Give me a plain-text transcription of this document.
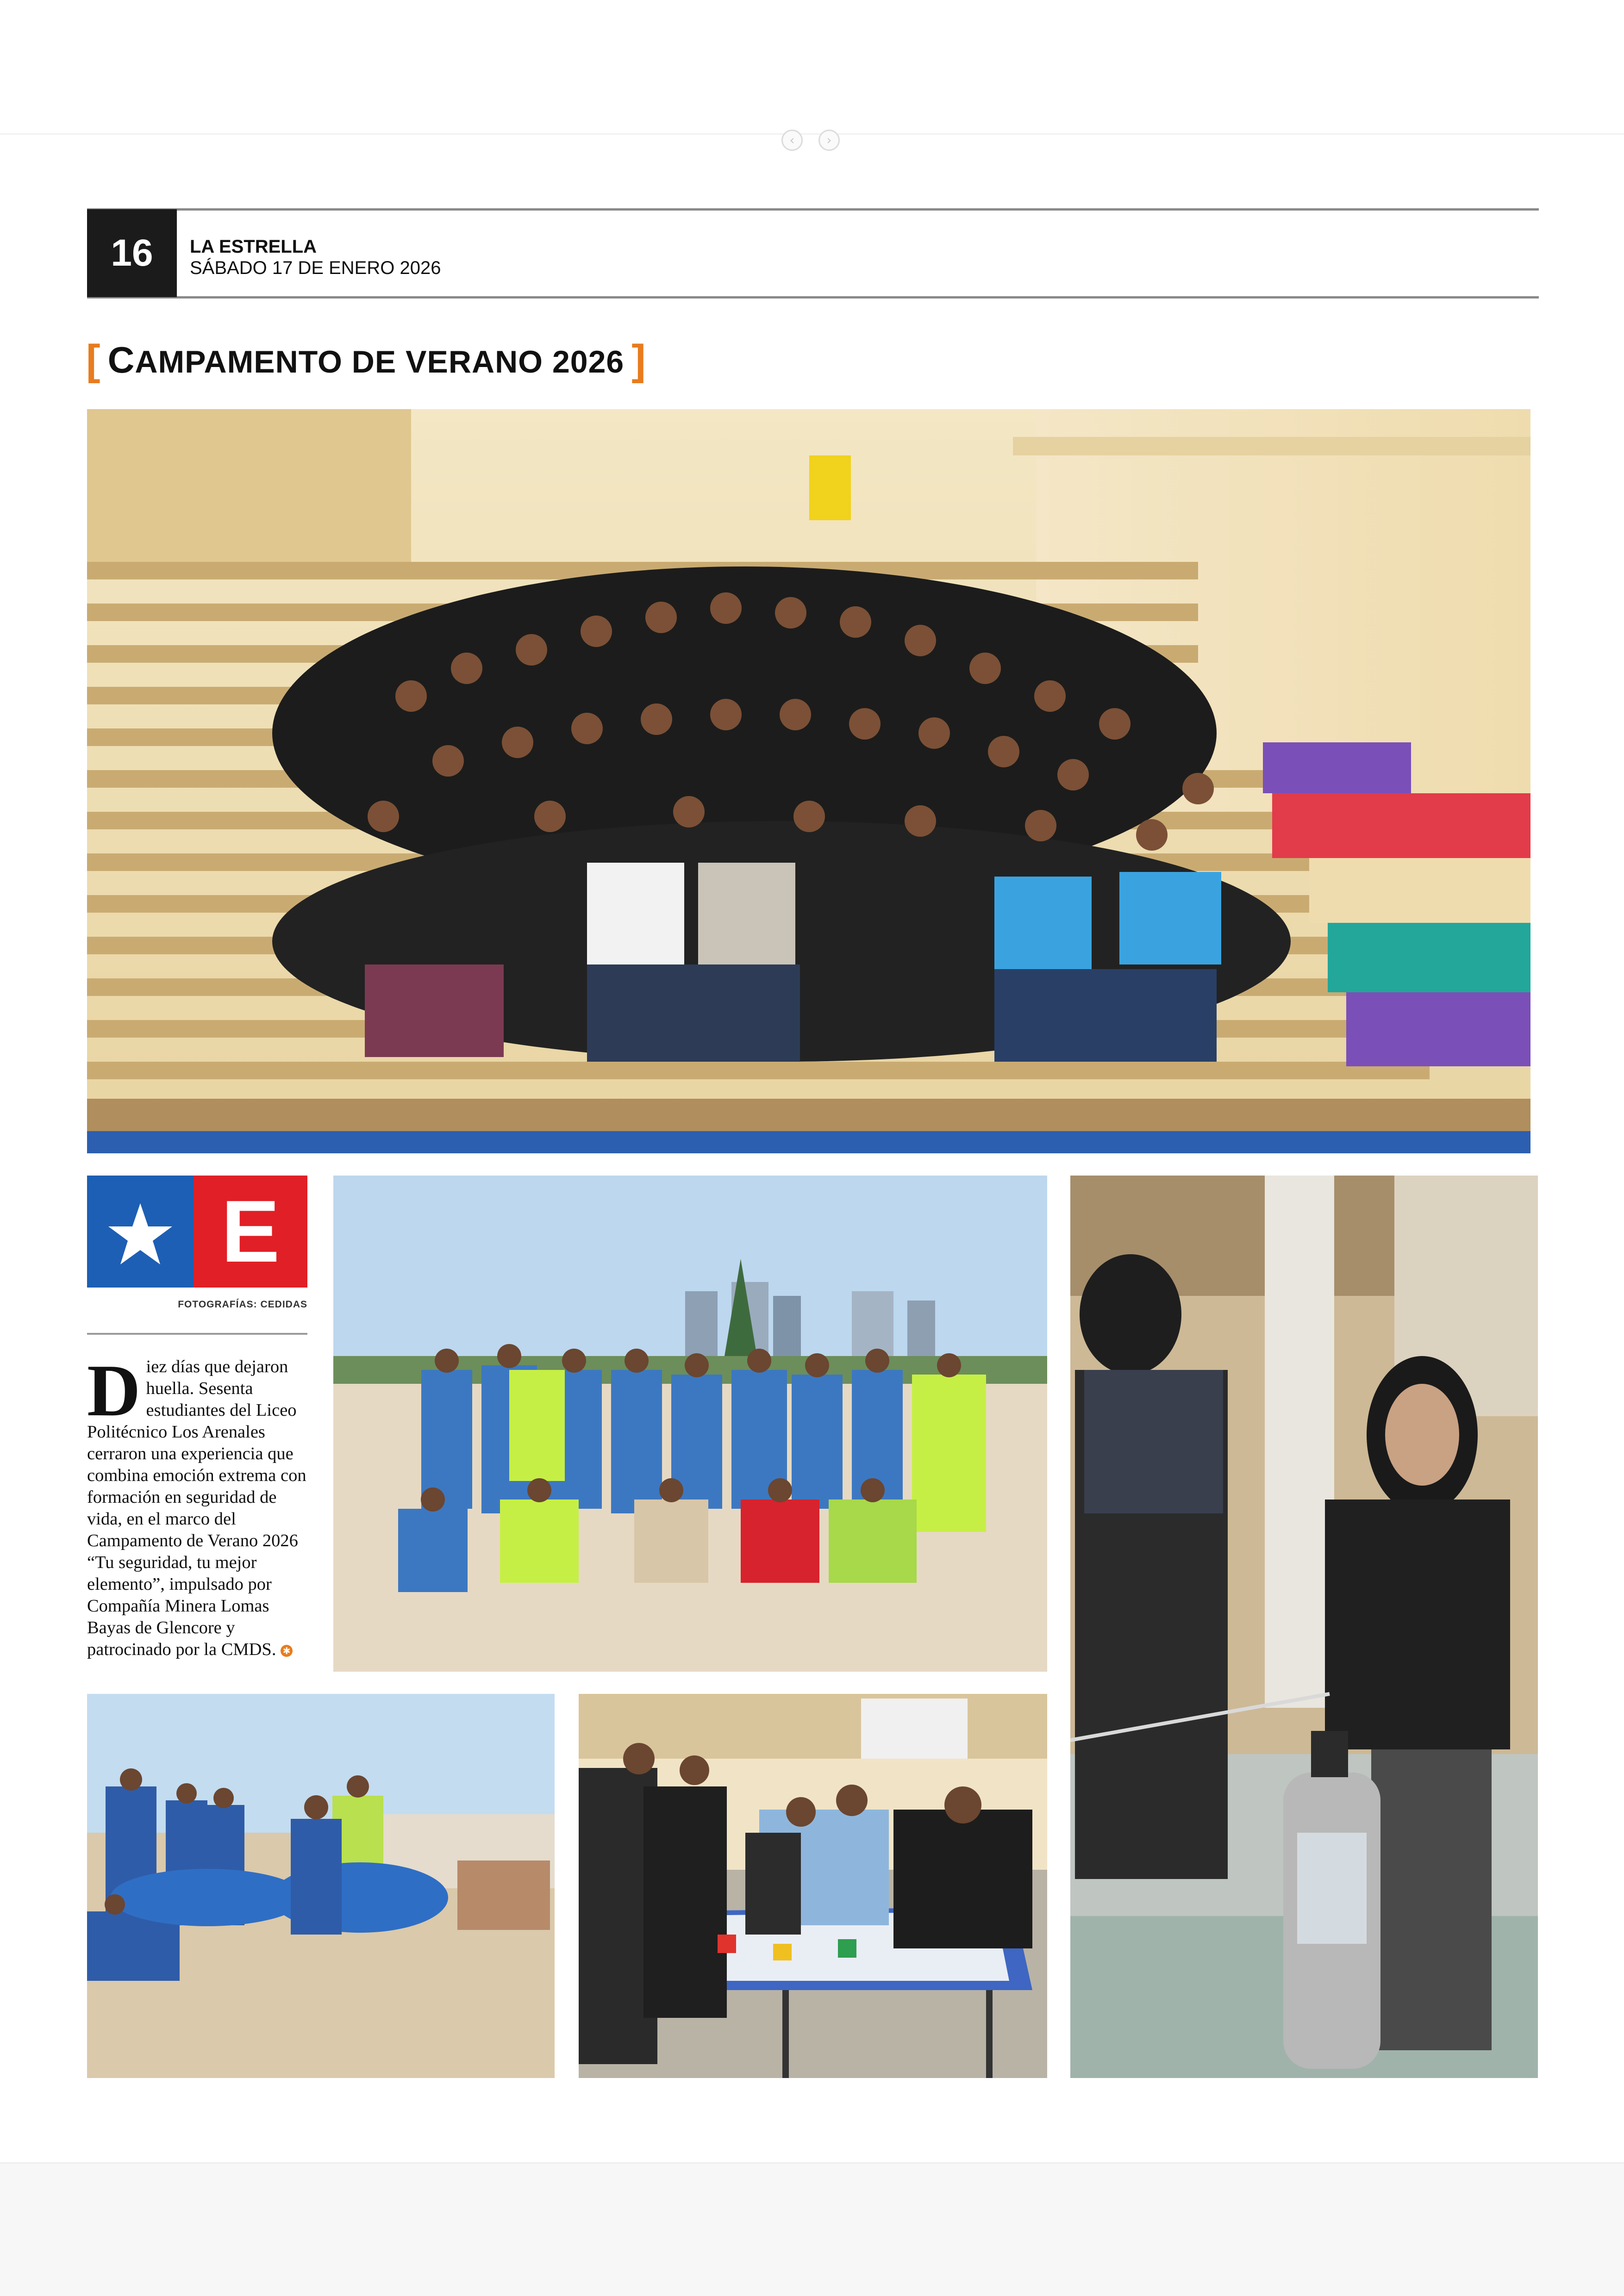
‹	›
16	LA ESTRELLA
SÁBADO 17 DE ENERO 2026
[ CAMPAMENTO DE VERANO 2026 ]
E
FOTOGRAFÍAS: CEDIDAS
Diez días que dejaron huella. Sesenta estudiantes del Liceo Politécnico Los Arenales cerraron una experiencia que combina emoción extrema con formación en seguridad de vida, en el marco del Campamento de Verano 2026 “Tu seguridad, tu mejor elemento”, impulsado por Compañía Minera Lomas Bayas de Glencore y patrocinado por la CMDS. ✱
